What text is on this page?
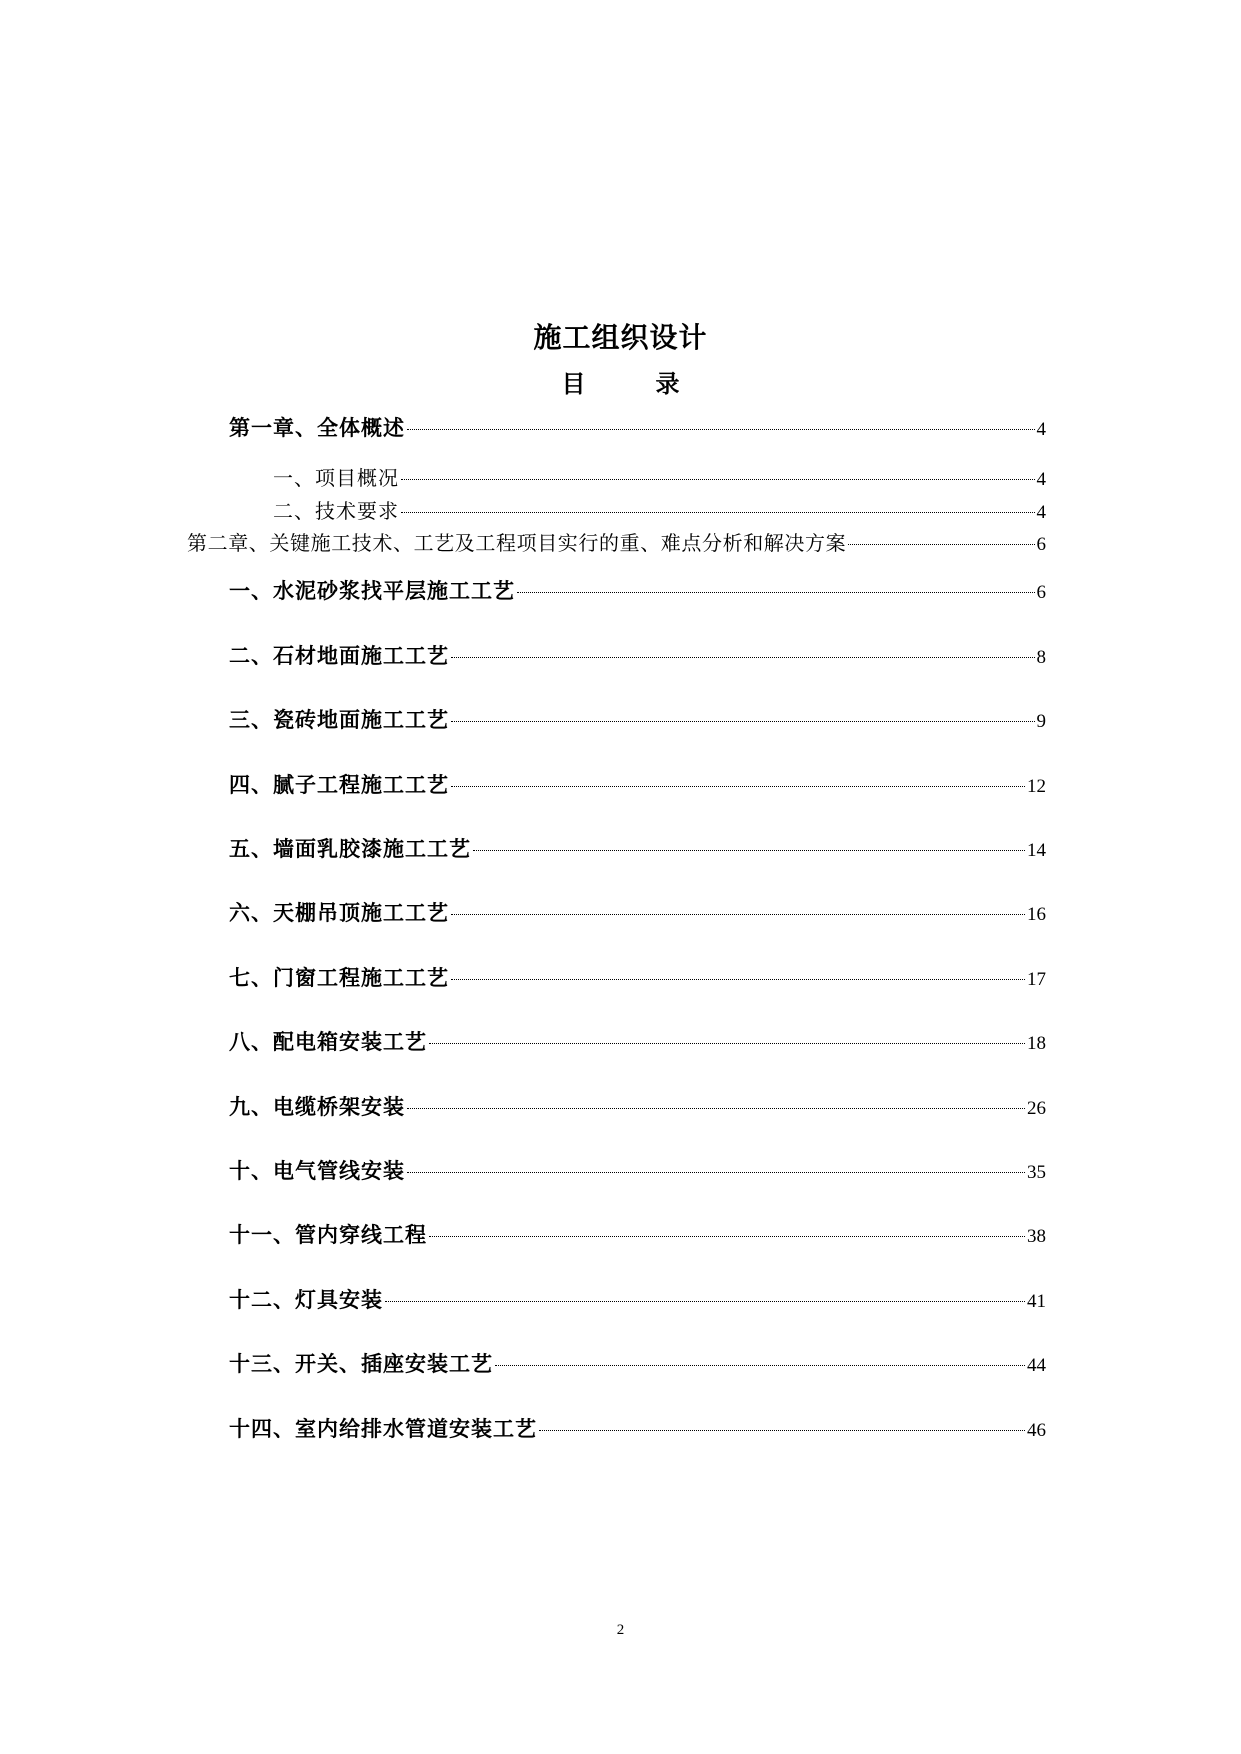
施工组织设计
目	录
第一章、全体概述	4
一、项目概况	4
二、技术要求	4
第二章、关键施工技术、工艺及工程项目实行的重、难点分析和解决方案	6
一、水泥砂浆找平层施工工艺	6
二、石材地面施工工艺	8
三、瓷砖地面施工工艺	9
四、腻子工程施工工艺	12
五、墙面乳胶漆施工工艺	14
六、天棚吊顶施工工艺	16
七、门窗工程施工工艺	17
八、配电箱安装工艺	18
九、电缆桥架安装	26
十、电气管线安装	35
十一、管内穿线工程	38
十二、灯具安装	41
十三、开关、插座安装工艺	44
十四、室内给排水管道安装工艺	46
2
